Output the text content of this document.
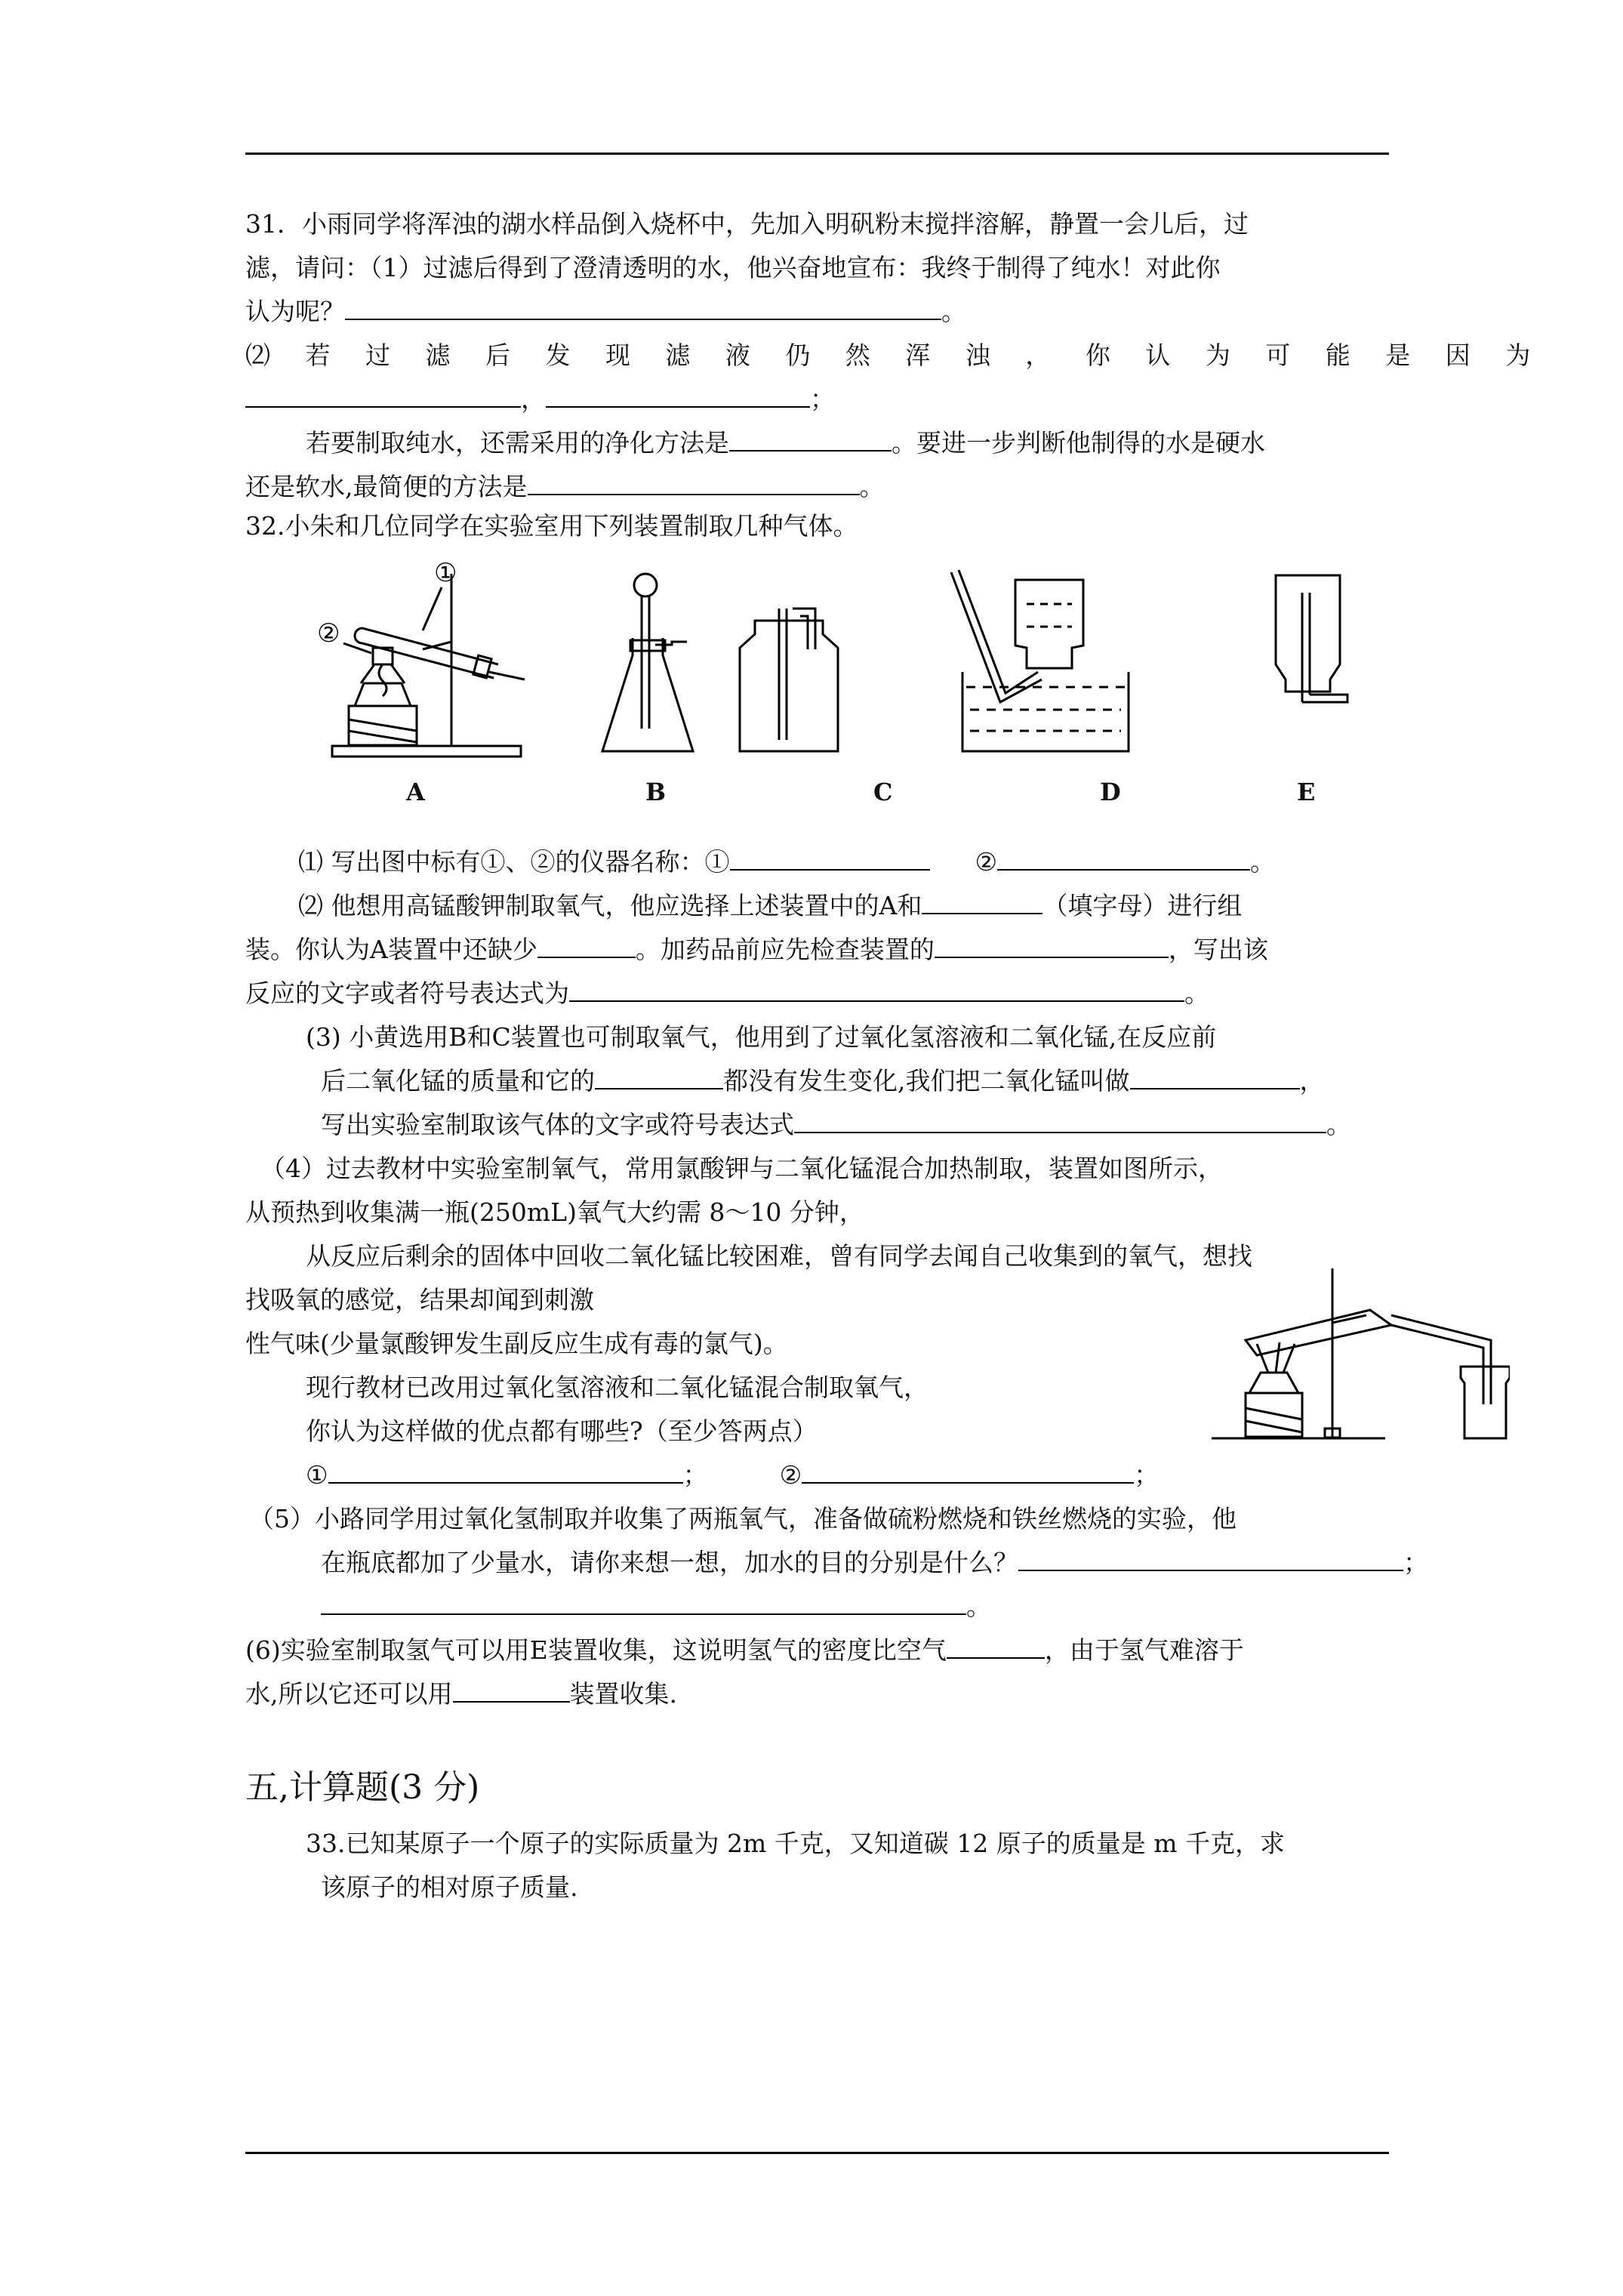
31．小雨同学将浑浊的湖水样品倒入烧杯中，先加入明矾粉末搅拌溶解，静置一会儿后，过
滤，请问：（1）过滤后得到了澄清透明的水，他兴奋地宣布：我终于制得了纯水！对此你
认为呢？	。
⑵ 若 过 滤 后 发 现 滤 液 仍 然 浑 浊 ， 你 认 为 可 能 是 因 为
，	；
若要制取纯水，还需采用的净化方法是	。要进一步判断他制得的水是硬水
还是软水,最简便的方法是	。
32.小朱和几位同学在实验室用下列装置制取几种气体。
①
②
A	B	C	D	E
⑴ 写出图中标有①、②的仪器名称：①	②	。
⑵ 他想用高锰酸钾制取氧气，他应选择上述装置中的A和	（填字母）进行组
装。你认为A装置中还缺少	。加药品前应先检查装置的	，写出该
反应的文字或者符号表达式为	。
(3) 小黄选用B和C装置也可制取氧气，他用到了过氧化氢溶液和二氧化锰,在反应前
后二氧化锰的质量和它的	都没有发生变化,我们把二氧化锰叫做	，
写出实验室制取该气体的文字或符号表达式	。
（4）过去教材中实验室制氧气，常用氯酸钾与二氧化锰混合加热制取，装置如图所示，
从预热到收集满一瓶(250mL)氧气大约需 8～10 分钟，
从反应后剩余的固体中回收二氧化锰比较困难，曾有同学去闻自己收集到的氧气，想找
找吸氧的感觉，结果却闻到刺激
性气味(少量氯酸钾发生副反应生成有毒的氯气)。
现行教材已改用过氧化氢溶液和二氧化锰混合制取氧气，
你认为这样做的优点都有哪些?（至少答两点）
①	；	②	；
（5）小路同学用过氧化氢制取并收集了两瓶氧气，准备做硫粉燃烧和铁丝燃烧的实验，他
在瓶底都加了少量水，请你来想一想，加水的目的分别是什么？	；
。
(6)实验室制取氢气可以用E装置收集，这说明氢气的密度比空气	，由于氢气难溶于
水,所以它还可以用	装置收集.
五,计算题(3 分)
33.已知某原子一个原子的实际质量为 2m 千克，又知道碳 12 原子的质量是 m 千克，求
该原子的相对原子质量.
